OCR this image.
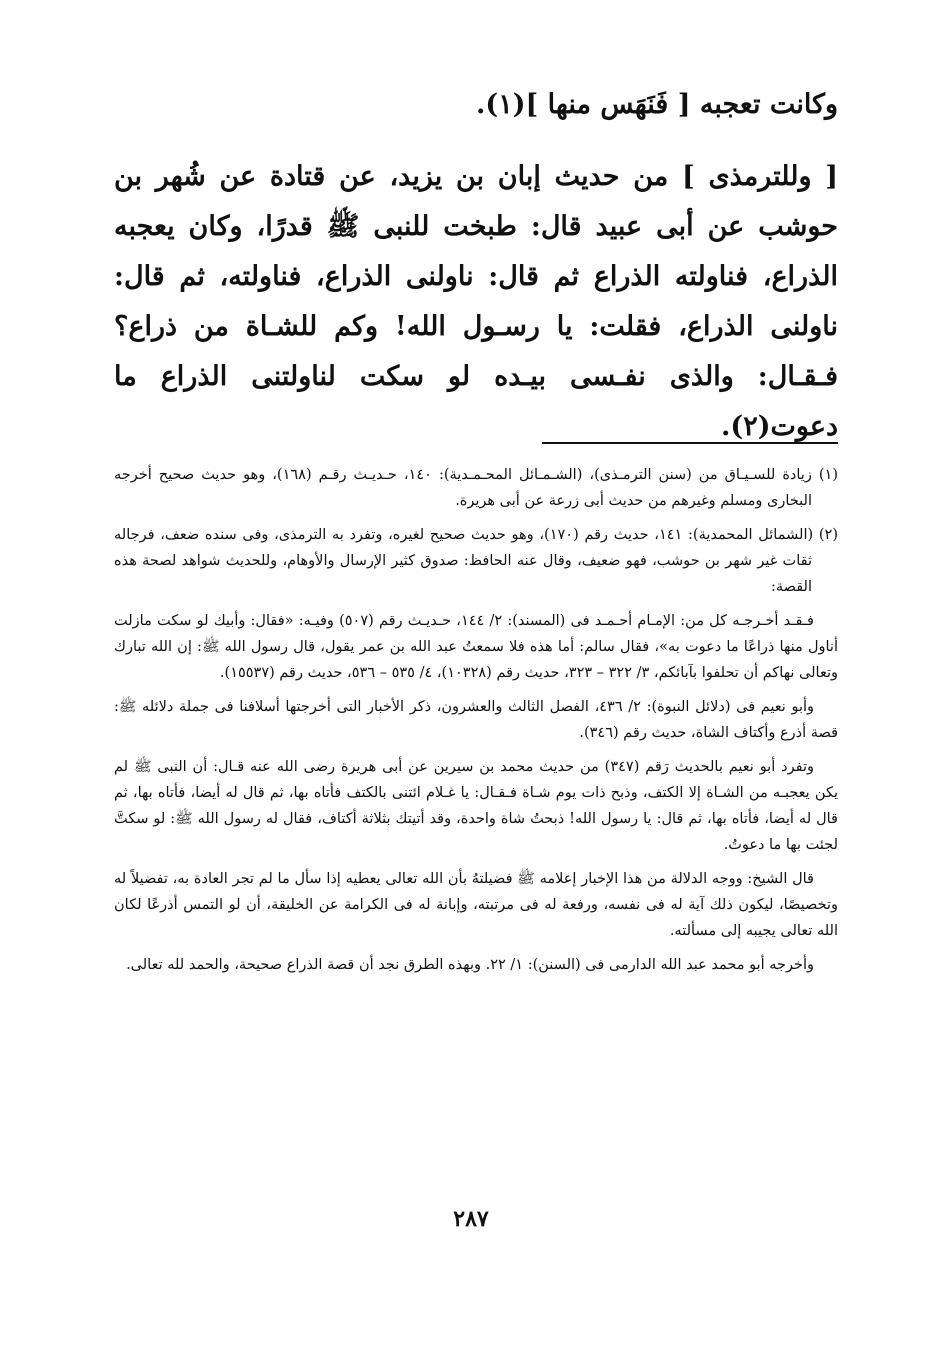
وكانت تعجبه [ فَنَهَس منها ](١).

[ وللترمذى ] من حديث إبان بن يزيد، عن قتادة عن شُهر بن حوشب عن أبى عبيد قال: طبخت للنبى ﷺ قدرًا، وكان يعجبه الذراع، فناولته الذراع ثم قال: ناولنى الذراع، فناولته، ثم قال: ناولنى الذراع، فقلت: يا رسـول الله! وكم للشـاة من ذراع؟ فـقـال: والذى نفـسى بيـده لو سكت لناولتنى الذراع ما دعوت(٢).

(١) زيادة للسـيـاق من (سنن الترمـذى)، (الشـمـائل المحـمـدية): ١٤٠، حـديـث رقـم (١٦٨)، وهو حديث صحيح أخرجه البخارى ومسلم وغيرهم من حديث أبى زرعة عن أبى هريرة.

(٢) (الشمائل المحمدية): ١٤١، حديث رقم (١٧٠)، وهو حديث صحيح لغيره، وتفرد به الترمذى، وفى سنده ضعف، فرجاله ثقات غير شهر بن حوشب، فهو ضعيف، وقال عنه الحافظ: صدوق كثير الإرسال والأوهام، وللحديث شواهد لصحة هذه القصة:

فـقـد أخـرجـه كل من: الإمـام أحـمـد فى (المسند): ٢/ ١٤٤، حـديـث رقم (٥٠٧) وفيـه: «فقال: وأبيك لو سكت مازلت أناول منها ذراعًا ما دعوت به»، فقال سالم: أما هذه فلا سمعتُ عبد الله بن عمر يقول، قال رسول الله ﷺ: إن الله تبارك وتعالى نهاكم أن تحلفوا بآبائكم، ٣/ ٣٢٢ – ٣٢٣، حديث رقم (١٠٣٢٨)، ٤/ ٥٣٥ – ٥٣٦، حديث رقم (١٥٥٣٧).

وأبو نعيم فى (دلائل النبوة): ٢/ ٤٣٦، الفصل الثالث والعشرون، ذكر الأخبار التى أخرجتها أسلافنا فى جملة دلائله ﷺ: قصة أذرع وأكتاف الشاة، حديث رقم (٣٤٦).

وتفرد أبو نعيم بالحديث رَقم (٣٤٧) من حديث محمد بن سيرين عن أبى هريرة رضى الله عنه قـال: أن النبى ﷺ لم يكن يعجبـه من الشـاة إلا الكتف، وذبح ذات يوم شـاة فـقـال: يا غـلام ائتنى بالكتف فأتاه بها، ثم قال له أيضا، فأتاه بها، ثم قال له أيضا، فأتاه بها، ثم قال: يا رسول الله! ذبحتُ شاة واحدة، وقد أتيتك بثلاثة أكتاف، فقال له رسول الله ﷺ: لو سكتَّ لجئت بها ما دعوتُ.

قال الشيخ: ووجه الدلالة من هذا الإخبار إعلامه ﷺ فضيلتهُ بأن الله تعالى يعطيه إذا سأل ما لم تجر العادة به، تفضيلاً له وتخصيصًا، ليكون ذلك آية له فى نفسه، ورفعة له فى مرتبته، وإبانة له فى الكرامة عن الخليقة، أن لو التمس أذرعًا لكان الله تعالى يجيبه إلى مسألته.

وأخرجه أبو محمد عبد الله الدارمى فى (السنن): ١/ ٢٢. وبهذه الطرق نجد أن قصة الذراع صحيحة، والحمد لله تعالى.

٢٨٧
